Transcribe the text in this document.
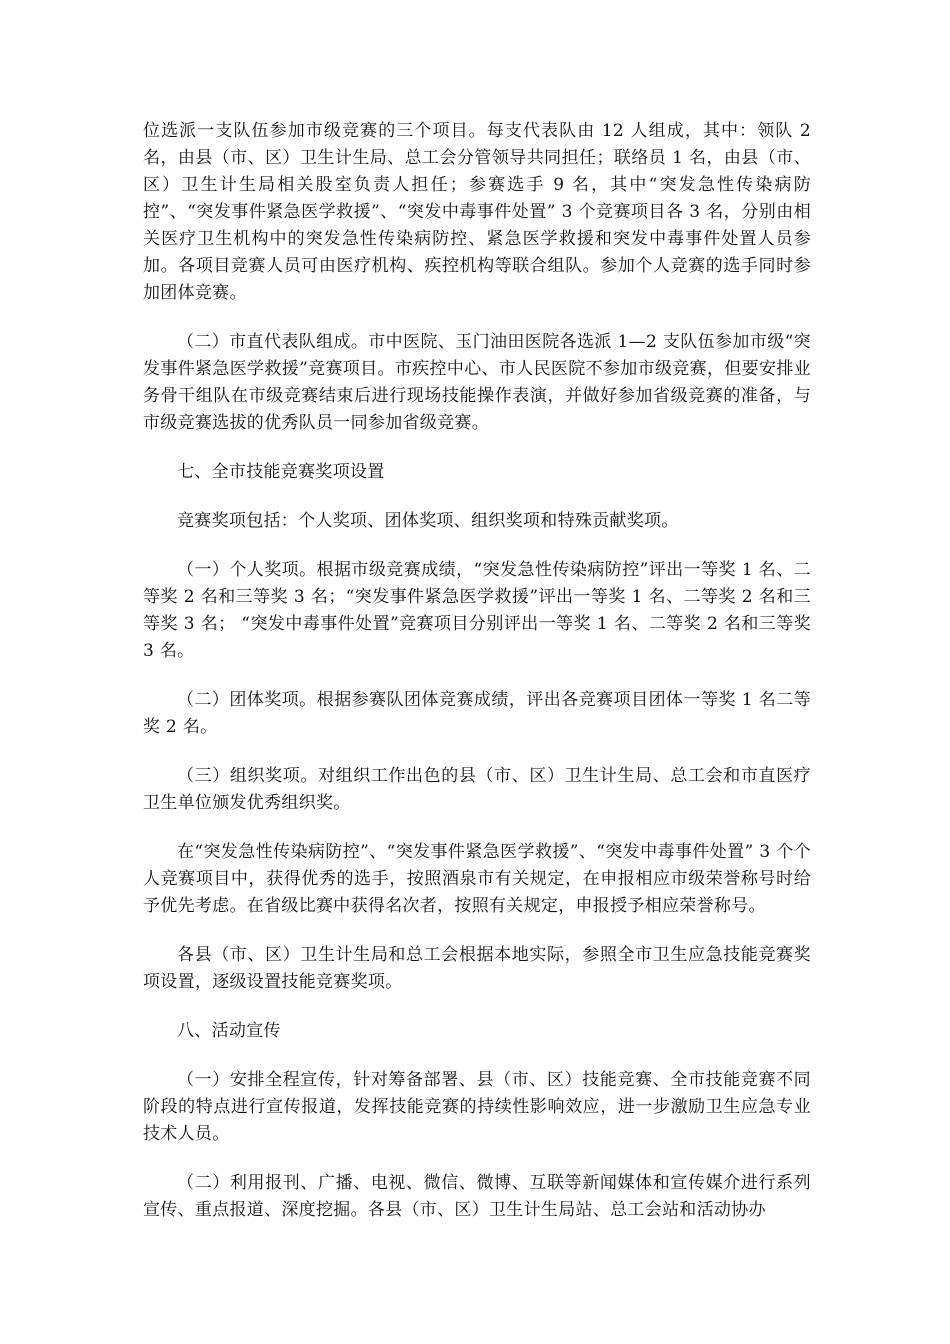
位选派一支队伍参加市级竞赛的三个项目。每支代表队由 12 人组成，其中：领队 2 名，由县（市、区）卫生计生局、总工会分管领导共同担任；联络员 1 名，由县（市、区）卫生计生局相关股室负责人担任；参赛选手 9 名，其中“突发急性传染病防控”、“突发事件紧急医学救援”、“突发中毒事件处置” 3 个竞赛项目各 3 名，分别由相关医疗卫生机构中的突发急性传染病防控、紧急医学救援和突发中毒事件处置人员参加。各项目竞赛人员可由医疗机构、疾控机构等联合组队。参加个人竞赛的选手同时参加团体竞赛。

（二）市直代表队组成。市中医院、玉门油田医院各选派 1—2 支队伍参加市级“突发事件紧急医学救援”竞赛项目。市疾控中心、市人民医院不参加市级竞赛，但要安排业务骨干组队在市级竞赛结束后进行现场技能操作表演，并做好参加省级竞赛的准备，与市级竞赛选拔的优秀队员一同参加省级竞赛。

七、全市技能竞赛奖项设置

竞赛奖项包括：个人奖项、团体奖项、组织奖项和特殊贡献奖项。

（一）个人奖项。根据市级竞赛成绩，“突发急性传染病防控”评出一等奖 1 名、二等奖 2 名和三等奖 3 名；“突发事件紧急医学救援”评出一等奖 1 名、二等奖 2 名和三等奖 3 名； “突发中毒事件处置”竞赛项目分别评出一等奖 1 名、二等奖 2 名和三等奖 3 名。

（二）团体奖项。根据参赛队团体竞赛成绩，评出各竞赛项目团体一等奖 1 名二等奖 2 名。

（三）组织奖项。对组织工作出色的县（市、区）卫生计生局、总工会和市直医疗卫生单位颁发优秀组织奖。

在“突发急性传染病防控”、“突发事件紧急医学救援”、“突发中毒事件处置” 3 个个人竞赛项目中，获得优秀的选手，按照酒泉市有关规定，在申报相应市级荣誉称号时给予优先考虑。在省级比赛中获得名次者，按照有关规定，申报授予相应荣誉称号。

各县（市、区）卫生计生局和总工会根据本地实际，参照全市卫生应急技能竞赛奖项设置，逐级设置技能竞赛奖项。

八、活动宣传

（一）安排全程宣传，针对筹备部署、县（市、区）技能竞赛、全市技能竞赛不同阶段的特点进行宣传报道，发挥技能竞赛的持续性影响效应，进一步激励卫生应急专业技术人员。

（二）利用报刊、广播、电视、微信、微博、互联等新闻媒体和宣传媒介进行系列宣传、重点报道、深度挖掘。各县（市、区）卫生计生局站、总工会站和活动协办
